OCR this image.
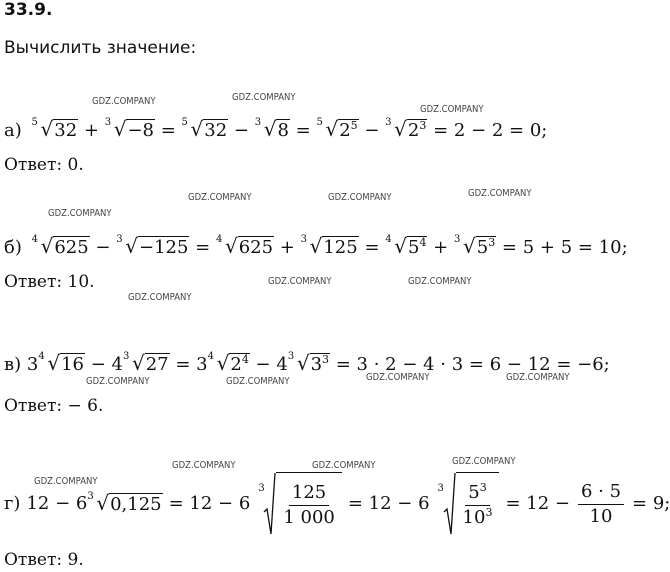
33.9.
Вычислить значение:
GDZ.COMPANY	GDZ.COMPANY
GDZ.COMPANY
GDZ.COMPANY	GDZ.COMPANY	GDZ.COMPANY
GDZ.COMPANY
GDZ.COMPANY	GDZ.COMPANY
GDZ.COMPANY
GDZ.COMPANY	GDZ.COMPANY	GDZ.COMPANY	GDZ.COMPANY
GDZ.COMPANY	GDZ.COMPANY	GDZ.COMPANY
GDZ.COMPANY
а) 5 √32 + 3 √−8 = 5 √32 − 3 √8 = 5 $√2^5 - 3$ $√2^3 = 2 - 2 = 0$;
Ответ: 0.
б) 4 √625 − 3 √−125 = 4 √625 + 3 √125 = 4 $√5^4 + 3$ $√5^3 = 5 + 5 = 10$;
Ответ: 10.
в) 3 4 √16 − 4 3 √27 = 3 4 $√2^4 - 4$ 3 $√3^3 = 3 \cdot 2 - 4 \cdot 3 = 6 - 12 = -6$;
Ответ: − 6.
г) 12 − 6 3 √0,125 = 12 − 6
$3 \frac{125}{1 000} = 12 - 6$
$3 \frac{5^3}{10^3} = 12 - \frac{6 \cdot 5}{10} = 9$;
Ответ: 9.
